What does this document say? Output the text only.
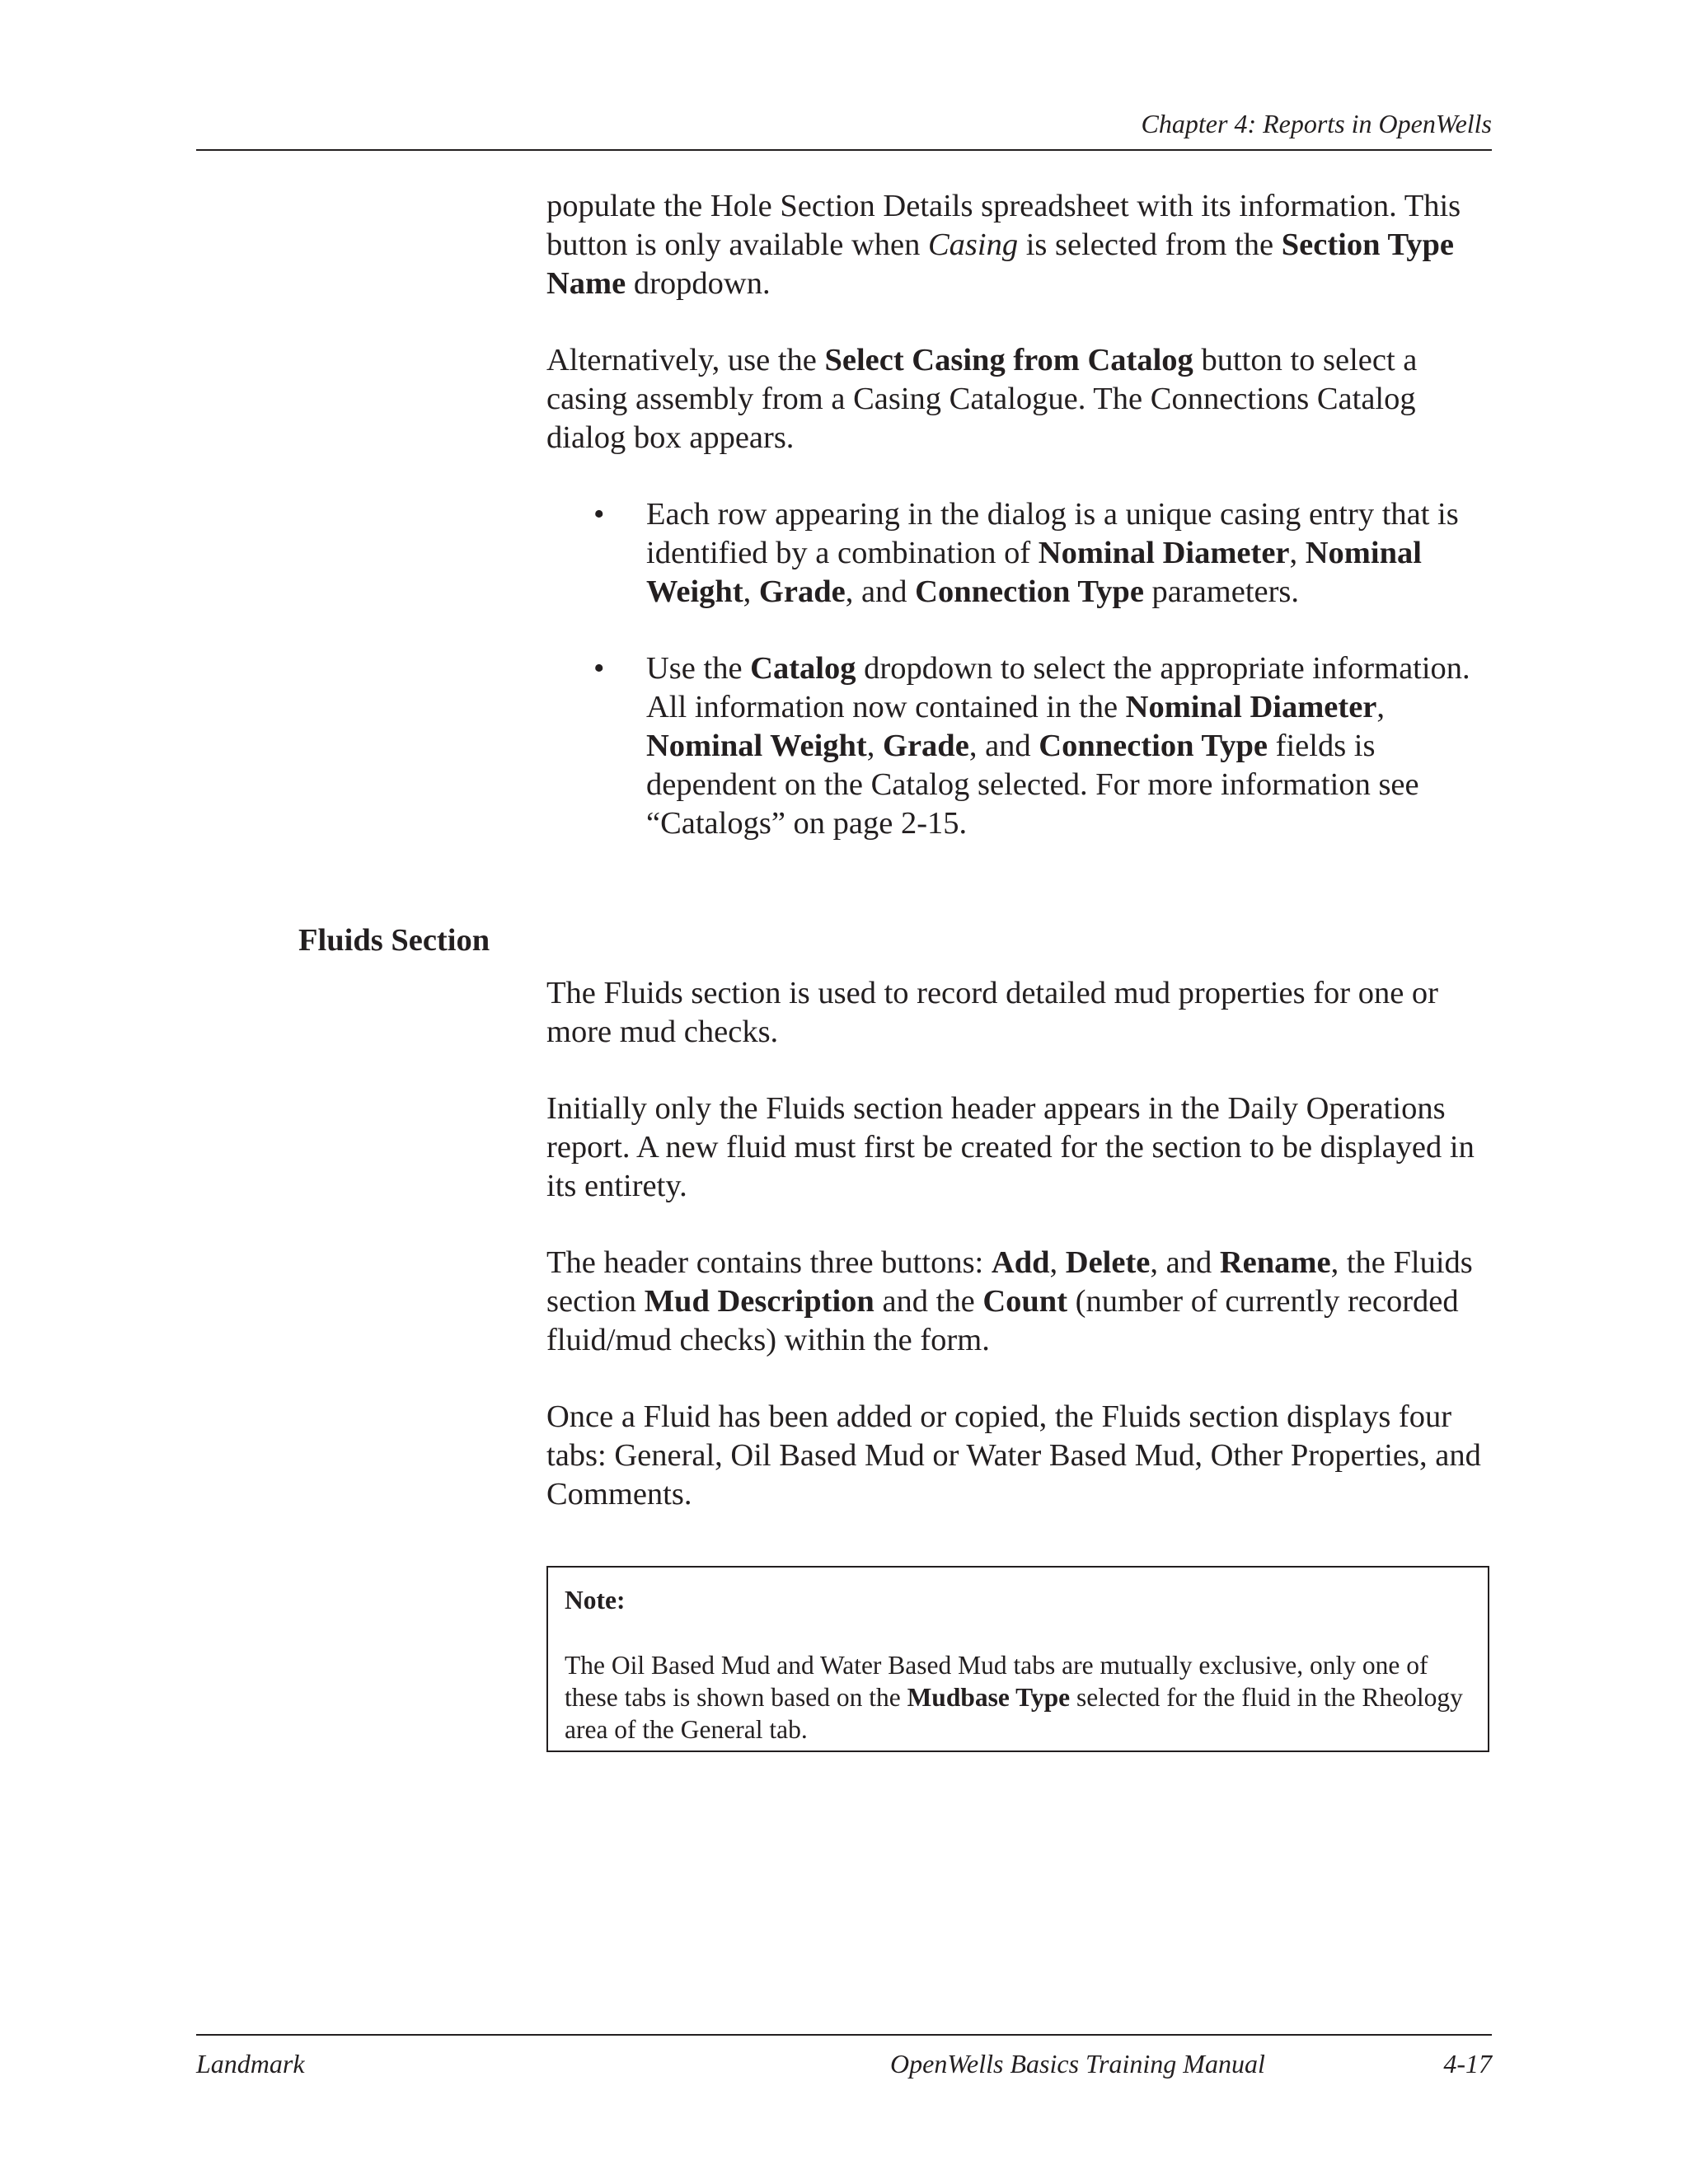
Chapter 4: Reports in OpenWells

populate the Hole Section Details spreadsheet with its information. This button is only available when Casing is selected from the Section Type Name dropdown.

Alternatively, use the Select Casing from Catalog button to select a casing assembly from a Casing Catalogue. The Connections Catalog dialog box appears.

• Each row appearing in the dialog is a unique casing entry that is identified by a combination of Nominal Diameter, Nominal Weight, Grade, and Connection Type parameters.
• Use the Catalog dropdown to select the appropriate information. All information now contained in the Nominal Diameter, Nominal Weight, Grade, and Connection Type fields is dependent on the Catalog selected. For more information see “Catalogs” on page 2-15.
Fluids Section

The Fluids section is used to record detailed mud properties for one or more mud checks.

Initially only the Fluids section header appears in the Daily Operations report. A new fluid must first be created for the section to be displayed in its entirety.

The header contains three buttons: Add, Delete, and Rename, the Fluids section Mud Description and the Count (number of currently recorded fluid/mud checks) within the form.

Once a Fluid has been added or copied, the Fluids section displays four tabs: General, Oil Based Mud or Water Based Mud, Other Properties, and Comments.

Note:

The Oil Based Mud and Water Based Mud tabs are mutually exclusive, only one of these tabs is shown based on the Mudbase Type selected for the fluid in the Rheology area of the General tab.

Landmark	OpenWells Basics Training Manual	4-17
